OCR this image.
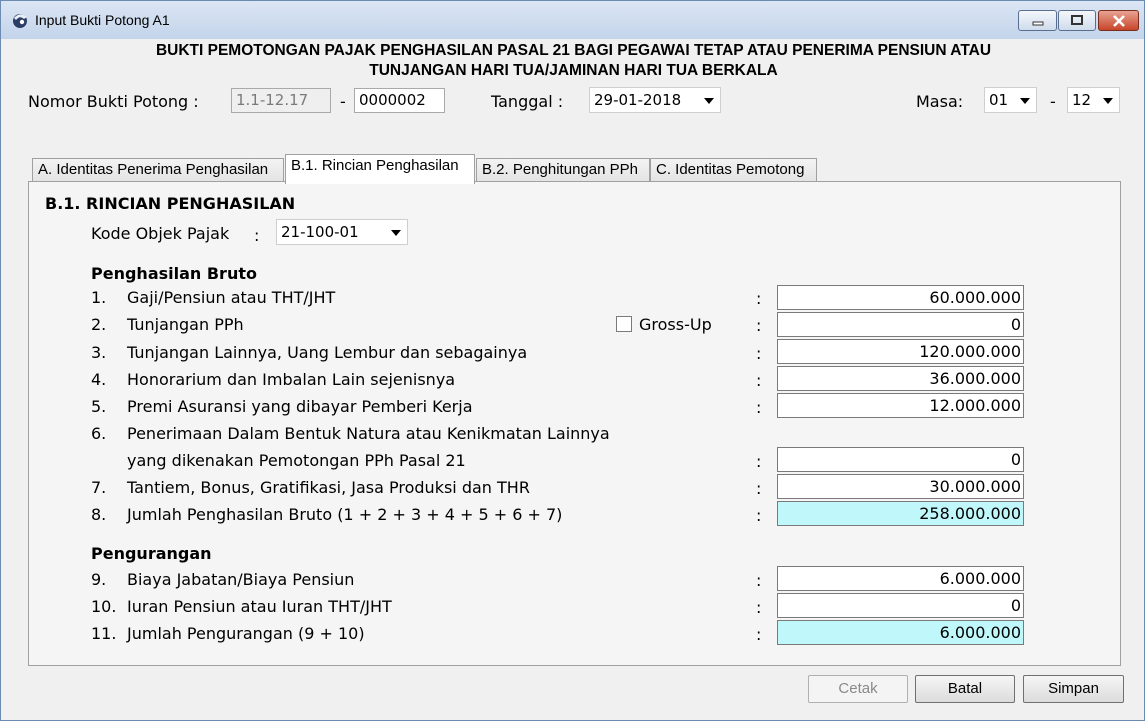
Input Bukti Potong A1
BUKTI PEMOTONGAN PAJAK PENGHASILAN PASAL 21 BAGI PEGAWAI TETAP ATAU PENERIMA PENSIUN ATAU
TUNJANGAN HARI TUA/JAMINAN HARI TUA BERKALA
Nomor Bukti Potong :	1.1-12.17	- 0000002	Tanggal :	29-01-2018	Masa:	01	-	12
A. Identitas Penerima Penghasilan	B.1. Rincian Penghasilan	B.2. Penghitungan PPh	C. Identitas Pemotong
B.1. RINCIAN PENGHASILAN
Kode Objek Pajak :	21-100-01
Penghasilan Bruto
1. Gaji/Pensiun atau THT/JHT	:	60.000.000
2. Tunjangan PPh	Gross-Up	:	0
3. Tunjangan Lainnya, Uang Lembur dan sebagainya	:	120.000.000
4. Honorarium dan Imbalan Lain sejenisnya	:	36.000.000
5. Premi Asuransi yang dibayar Pemberi Kerja	:	12.000.000
6. Penerimaan Dalam Bentuk Natura atau Kenikmatan Lainnya
yang dikenakan Pemotongan PPh Pasal 21	:	0
7. Tantiem, Bonus, Gratifikasi, Jasa Produksi dan THR	:	30.000.000
8. Jumlah Penghasilan Bruto (1 + 2 + 3 + 4 + 5 + 6 + 7)	:	258.000.000
Pengurangan
9. Biaya Jabatan/Biaya Pensiun	:	6.000.000
10. Iuran Pensiun atau Iuran THT/JHT	:	0
11. Jumlah Pengurangan (9 + 10)	:	6.000.000
Cetak	Batal	Simpan
